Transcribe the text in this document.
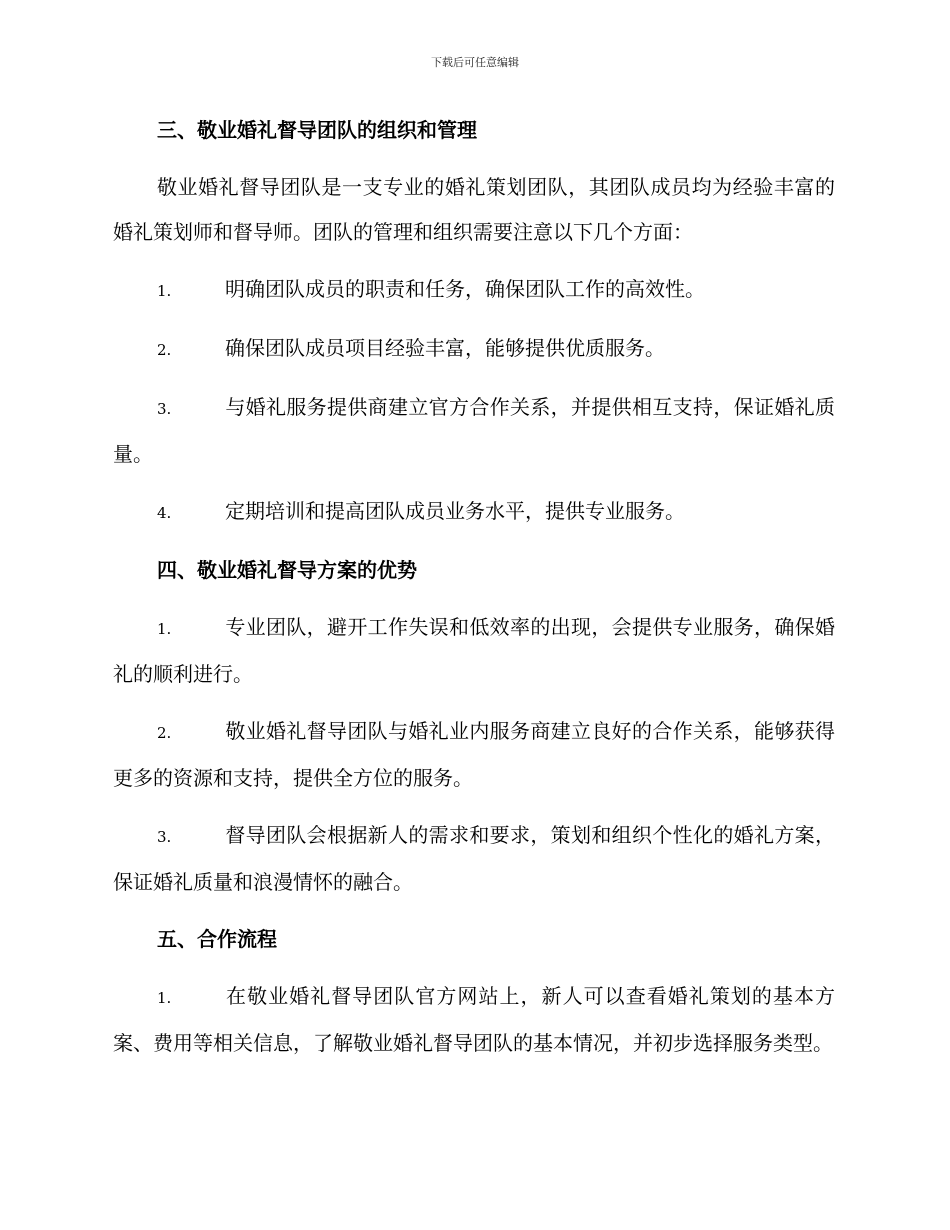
下载后可任意编辑

三、敬业婚礼督导团队的组织和管理

敬业婚礼督导团队是一支专业的婚礼策划团队，其团队成员均为经验丰富的婚礼策划师和督导师。团队的管理和组织需要注意以下几个方面：

1.	明确团队成员的职责和任务，确保团队工作的高效性。

2.	确保团队成员项目经验丰富，能够提供优质服务。

3.	与婚礼服务提供商建立官方合作关系，并提供相互支持，保证婚礼质量。

4.	定期培训和提高团队成员业务水平，提供专业服务。

四、敬业婚礼督导方案的优势

1.	专业团队，避开工作失误和低效率的出现，会提供专业服务，确保婚礼的顺利进行。

2.	敬业婚礼督导团队与婚礼业内服务商建立良好的合作关系，能够获得更多的资源和支持，提供全方位的服务。

3.	督导团队会根据新人的需求和要求，策划和组织个性化的婚礼方案，保证婚礼质量和浪漫情怀的融合。

五、合作流程

1.	在敬业婚礼督导团队官方网站上，新人可以查看婚礼策划的基本方案、费用等相关信息，了解敬业婚礼督导团队的基本情况，并初步选择服务类型。
